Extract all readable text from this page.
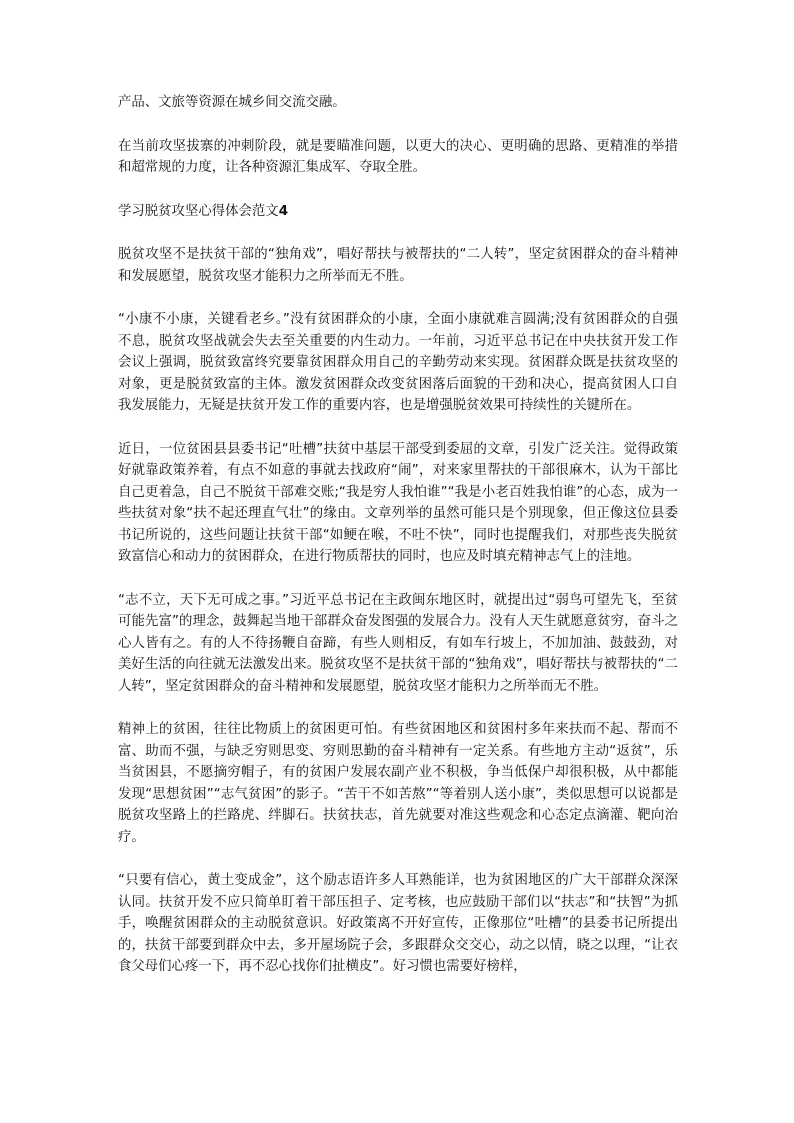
产品、文旅等资源在城乡间交流交融。

在当前攻坚拔寨的冲刺阶段，就是要瞄准问题，以更大的决心、更明确的思路、更精准的举措和超常规的力度，让各种资源汇集成军、夺取全胜。

学习脱贫攻坚心得体会范文4

脱贫攻坚不是扶贫干部的“独角戏”，唱好帮扶与被帮扶的“二人转”，坚定贫困群众的奋斗精神和发展愿望，脱贫攻坚才能积力之所举而无不胜。

“小康不小康，关键看老乡。”没有贫困群众的小康，全面小康就难言圆满;没有贫困群众的自强不息，脱贫攻坚战就会失去至关重要的内生动力。一年前，习近平总书记在中央扶贫开发工作会议上强调，脱贫致富终究要靠贫困群众用自己的辛勤劳动来实现。贫困群众既是扶贫攻坚的对象，更是脱贫致富的主体。激发贫困群众改变贫困落后面貌的干劲和决心，提高贫困人口自我发展能力，无疑是扶贫开发工作的重要内容，也是增强脱贫效果可持续性的关键所在。

近日，一位贫困县县委书记“吐槽”扶贫中基层干部受到委屈的文章，引发广泛关注。觉得政策好就靠政策养着，有点不如意的事就去找政府“闹”，对来家里帮扶的干部很麻木，认为干部比自己更着急，自己不脱贫干部难交账;“我是穷人我怕谁”“我是小老百姓我怕谁”的心态，成为一些扶贫对象“扶不起还理直气壮”的缘由。文章列举的虽然可能只是个别现象，但正像这位县委书记所说的，这些问题让扶贫干部“如鲠在喉，不吐不快”，同时也提醒我们，对那些丧失脱贫致富信心和动力的贫困群众，在进行物质帮扶的同时，也应及时填充精神志气上的洼地。

“志不立，天下无可成之事。”习近平总书记在主政闽东地区时，就提出过“弱鸟可望先飞，至贫可能先富”的理念，鼓舞起当地干部群众奋发图强的发展合力。没有人天生就愿意贫穷，奋斗之心人皆有之。有的人不待扬鞭自奋蹄，有些人则相反，有如车行坡上，不加加油、鼓鼓劲，对美好生活的向往就无法激发出来。脱贫攻坚不是扶贫干部的“独角戏”，唱好帮扶与被帮扶的“二人转”，坚定贫困群众的奋斗精神和发展愿望，脱贫攻坚才能积力之所举而无不胜。

精神上的贫困，往往比物质上的贫困更可怕。有些贫困地区和贫困村多年来扶而不起、帮而不富、助而不强，与缺乏穷则思变、穷则思勤的奋斗精神有一定关系。有些地方主动“返贫”，乐当贫困县，不愿摘穷帽子，有的贫困户发展农副产业不积极，争当低保户却很积极，从中都能发现“思想贫困”“志气贫困”的影子。“苦干不如苦熬”“等着别人送小康”，类似思想可以说都是脱贫攻坚路上的拦路虎、绊脚石。扶贫扶志，首先就要对准这些观念和心态定点滴灌、靶向治疗。

“只要有信心，黄土变成金”，这个励志语许多人耳熟能详，也为贫困地区的广大干部群众深深认同。扶贫开发不应只简单盯着干部压担子、定考核，也应鼓励干部们以“扶志”和“扶智”为抓手，唤醒贫困群众的主动脱贫意识。好政策离不开好宣传，正像那位“吐槽”的县委书记所提出的，扶贫干部要到群众中去，多开屋场院子会，多跟群众交交心，动之以情，晓之以理，“让衣食父母们心疼一下，再不忍心找你们扯横皮”。好习惯也需要好榜样，
